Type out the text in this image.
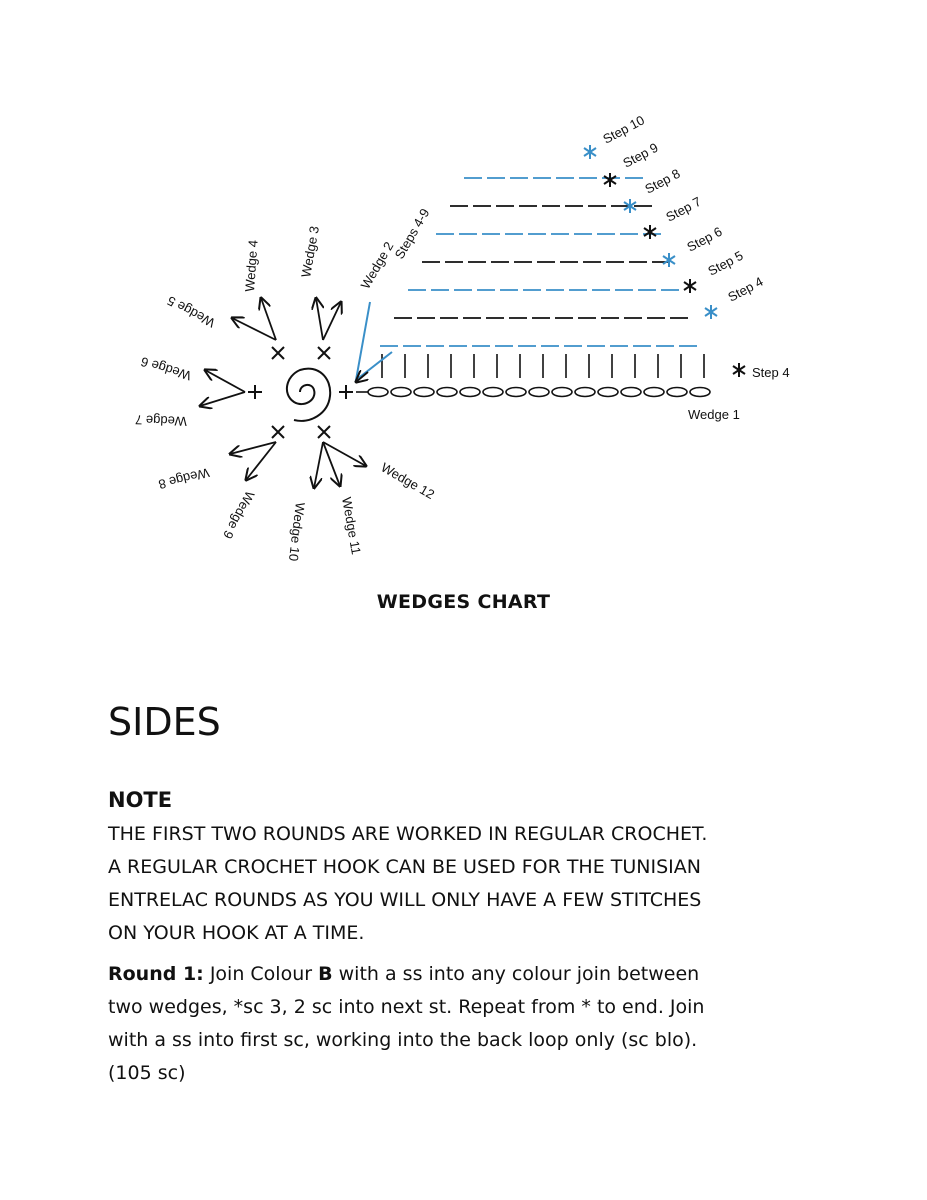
Wedge 1
Step 4
Wedge 2
Steps 4-9
Wedge 3
Wedge 4
Wedge 5
Wedge 6
Wedge 7
Wedge 8
Wedge 9 Wedge 10 Wedge 11
Wedge 12
Step 4
Step 5
Step 6
Step 7
Step 8
Step 9
Step 10
WEDGES CHART
SIDES
NOTE

THE FIRST TWO ROUNDS ARE WORKED IN REGULAR CROCHET.
A REGULAR CROCHET HOOK CAN BE USED FOR THE TUNISIAN
ENTRELAC ROUNDS AS YOU WILL ONLY HAVE A FEW STITCHES
ON YOUR HOOK AT A TIME.

Round 1: Join Colour B with a ss into any colour join between
two wedges, *sc 3, 2 sc into next st. Repeat from * to end. Join
with a ss into first sc, working into the back loop only (sc blo).
(105 sc)
